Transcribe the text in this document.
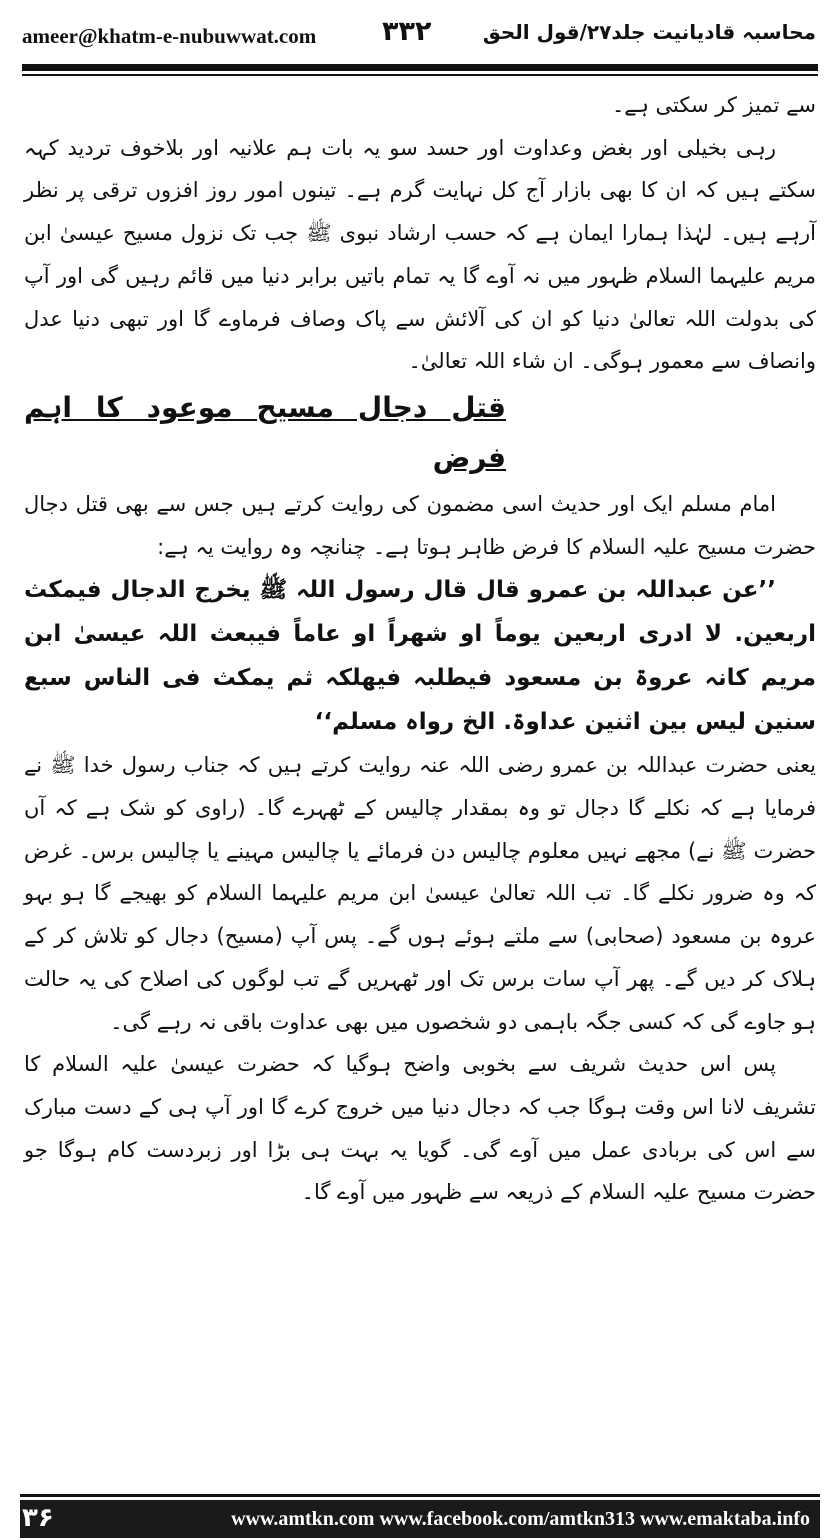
ameer@khatm-e-nubuwwat.com ۳۳۲	محاسبہ قادیانیت جلد۲۷/قول الحق

سے تمیز کر سکتی ہے۔

رہی بخیلی اور بغض وعداوت اور حسد سو یہ بات ہم علانیہ اور بلاخوف تردید کہہ سکتے ہیں کہ ان کا بھی بازار آج کل نہایت گرم ہے۔ تینوں امور روز افزوں ترقی پر نظر آرہے ہیں۔ لہٰذا ہمارا ایمان ہے کہ حسب ارشاد نبوی ﷺ جب تک نزول مسیح عیسیٰ ابن مریم علیہما السلام ظہور میں نہ آوے گا یہ تمام باتیں برابر دنیا میں قائم رہیں گی اور آپ کی بدولت اللہ تعالیٰ دنیا کو ان کی آلائش سے پاک وصاف فرماوے گا اور تبھی دنیا عدل وانصاف سے معمور ہوگی۔ ان شاء اللہ تعالیٰ۔

قتل دجال مسیح موعود کا اہم فرض

امام مسلم ایک اور حدیث اسی مضمون کی روایت کرتے ہیں جس سے بھی قتل دجال حضرت مسیح علیہ السلام کا فرض ظاہر ہوتا ہے۔ چنانچہ وہ روایت یہ ہے:

’’عن عبداللہ بن عمرو قال قال رسول اللہ ﷺ یخرج الدجال فیمکث اربعین. لا ادری اربعین یوماً او شھراً او عاماً فیبعث اللہ عیسیٰ ابن مریم کانہ عروۃ بن مسعود فیطلبہ فیھلکہ ثم یمکث فی الناس سبع سنین لیس بین اثنین عداوۃ. الخ رواہ مسلم‘‘

یعنی حضرت عبداللہ بن عمرو رضی اللہ عنہ روایت کرتے ہیں کہ جناب رسول خدا ﷺ نے فرمایا ہے کہ نکلے گا دجال تو وہ بمقدار چالیس کے ٹھہرے گا۔ (راوی کو شک ہے کہ آں حضرت ﷺ نے) مجھے نہیں معلوم چالیس دن فرمائے یا چالیس مہینے یا چالیس برس۔ غرض کہ وہ ضرور نکلے گا۔ تب اللہ تعالیٰ عیسیٰ ابن مریم علیہما السلام کو بھیجے گا ہو بہو عروہ بن مسعود (صحابی) سے ملتے ہوئے ہوں گے۔ پس آپ (مسیح) دجال کو تلاش کر کے ہلاک کر دیں گے۔ پھر آپ سات برس تک اور ٹھہریں گے تب لوگوں کی اصلاح کی یہ حالت ہو جاوے گی کہ کسی جگہ باہمی دو شخصوں میں بھی عداوت باقی نہ رہے گی۔

پس اس حدیث شریف سے بخوبی واضح ہوگیا کہ حضرت عیسیٰ علیہ السلام کا تشریف لانا اس وقت ہوگا جب کہ دجال دنیا میں خروج کرے گا اور آپ ہی کے دست مبارک سے اس کی بربادی عمل میں آوے گی۔ گویا یہ بہت ہی بڑا اور زبردست کام ہوگا جو حضرت مسیح علیہ السلام کے ذریعہ سے ظہور میں آوے گا۔

۳۶	www.amtkn.com www.facebook.com/amtkn313 www.emaktaba.info
